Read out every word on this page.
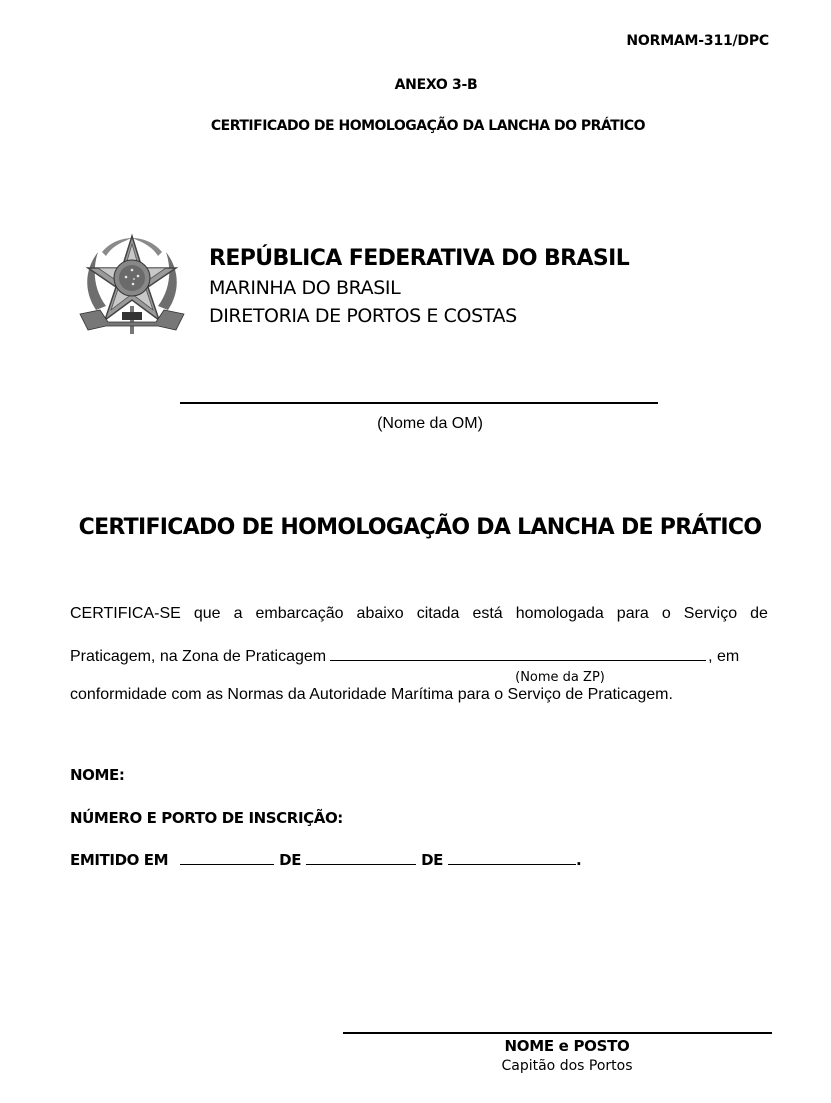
NORMAM-311/DPC
ANEXO 3-B
CERTIFICADO DE HOMOLOGAÇÃO DA LANCHA DO PRÁTICO
REPÚBLICA FEDERATIVA DO BRASIL
MARINHA DO BRASIL
DIRETORIA DE PORTOS E COSTAS
(Nome da OM)
CERTIFICADO DE HOMOLOGAÇÃO DA LANCHA DE PRÁTICO
CERTIFICA-SE que a embarcação abaixo citada está homologada para o Serviço de
Praticagem, na Zona de Praticagem	, em
(Nome da ZP)
conformidade com as Normas da Autoridade Marítima para o Serviço de Praticagem.
NOME:
NÚMERO E PORTO DE INSCRIÇÃO:
EMITIDO EM	DE	DE	.
NOME e POSTO
Capitão dos Portos
